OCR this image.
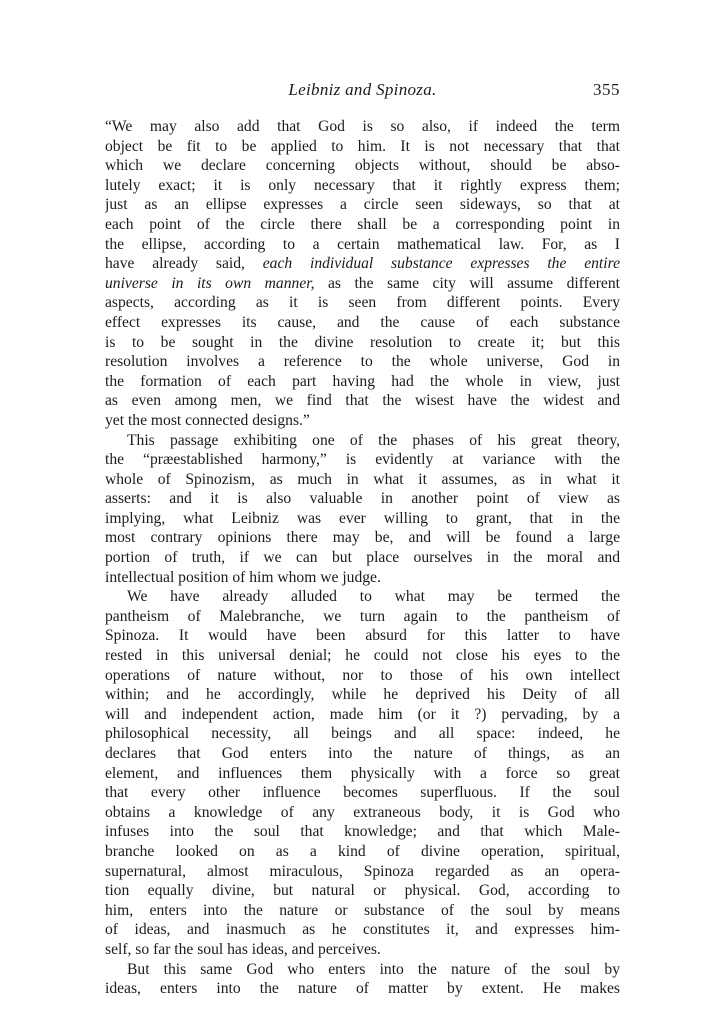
Leibniz and Spinoza.	355
“We may also add that God is so also, if indeed the term
object be fit to be applied to him. It is not necessary that that
which we declare concerning objects without, should be abso-
lutely exact; it is only necessary that it rightly express them;
just as an ellipse expresses a circle seen sideways, so that at
each point of the circle there shall be a corresponding point in
the ellipse, according to a certain mathematical law. For, as I
have already said, each individual substance expresses the entire
universe in its own manner, as the same city will assume different
aspects, according as it is seen from different points. Every
effect expresses its cause, and the cause of each substance
is to be sought in the divine resolution to create it; but this
resolution involves a reference to the whole universe, God in
the formation of each part having had the whole in view, just
as even among men, we find that the wisest have the widest and
yet the most connected designs.”
This passage exhibiting one of the phases of his great theory,
the “præestablished harmony,” is evidently at variance with the
whole of Spinozism, as much in what it assumes, as in what it
asserts: and it is also valuable in another point of view as
implying, what Leibniz was ever willing to grant, that in the
most contrary opinions there may be, and will be found a large
portion of truth, if we can but place ourselves in the moral and
intellectual position of him whom we judge.
We have already alluded to what may be termed the
pantheism of Malebranche, we turn again to the pantheism of
Spinoza. It would have been absurd for this latter to have
rested in this universal denial; he could not close his eyes to the
operations of nature without, nor to those of his own intellect
within; and he accordingly, while he deprived his Deity of all
will and independent action, made him (or it ?) pervading, by a
philosophical necessity, all beings and all space: indeed, he
declares that God enters into the nature of things, as an
element, and influences them physically with a force so great
that every other influence becomes superfluous. If the soul
obtains a knowledge of any extraneous body, it is God who
infuses into the soul that knowledge; and that which Male-
branche looked on as a kind of divine operation, spiritual,
supernatural, almost miraculous, Spinoza regarded as an opera-
tion equally divine, but natural or physical. God, according to
him, enters into the nature or substance of the soul by means
of ideas, and inasmuch as he constitutes it, and expresses him-
self, so far the soul has ideas, and perceives.
But this same God who enters into the nature of the soul by
ideas, enters into the nature of matter by extent. He makes
